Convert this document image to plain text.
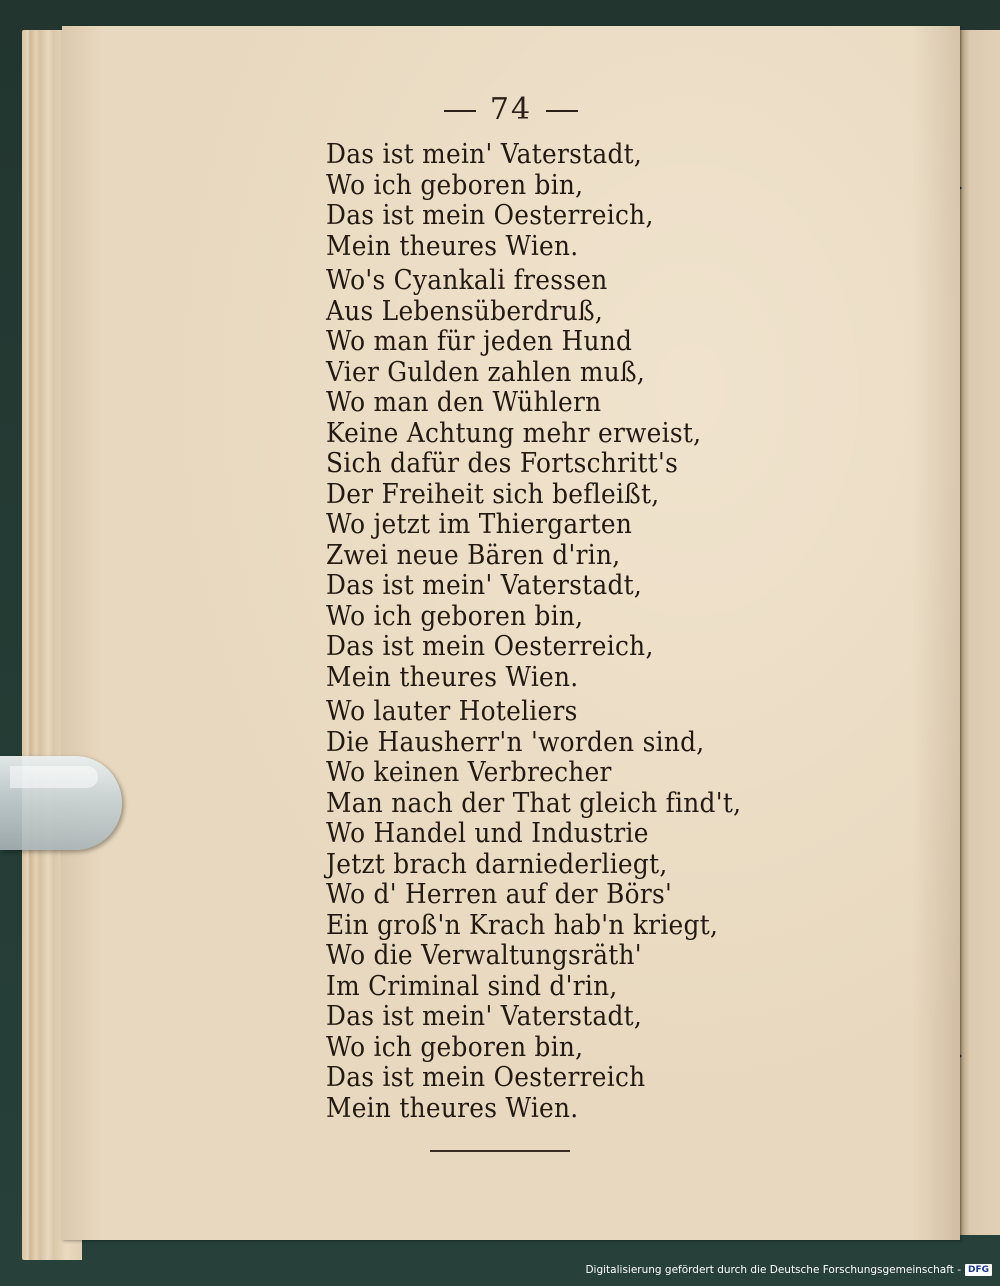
74
Das ist mein' Vaterstadt,
Wo ich geboren bin,
Das ist mein Oesterreich,
Mein theures Wien.
Wo's Cyankali fressen
Aus Lebensüberdruß,
Wo man für jeden Hund
Vier Gulden zahlen muß,
Wo man den Wühlern
Keine Achtung mehr erweist,
Sich dafür des Fortschritt's
Der Freiheit sich befleißt,
Wo jetzt im Thiergarten
Zwei neue Bären d'rin,
Das ist mein' Vaterstadt,
Wo ich geboren bin,
Das ist mein Oesterreich,
Mein theures Wien.
Wo lauter Hoteliers
Die Hausherr'n 'worden sind,
Wo keinen Verbrecher
Man nach der That gleich find't,
Wo Handel und Industrie
Jetzt brach darniederliegt,
Wo d' Herren auf der Börs'
Ein groß'n Krach hab'n kriegt,
Wo die Verwaltungsräth'
Im Criminal sind d'rin,
Das ist mein' Vaterstadt,
Wo ich geboren bin,
Das ist mein Oesterreich
Mein theures Wien.
Digitalisierung gefördert durch die Deutsche Forschungsgemeinschaft - DFG
